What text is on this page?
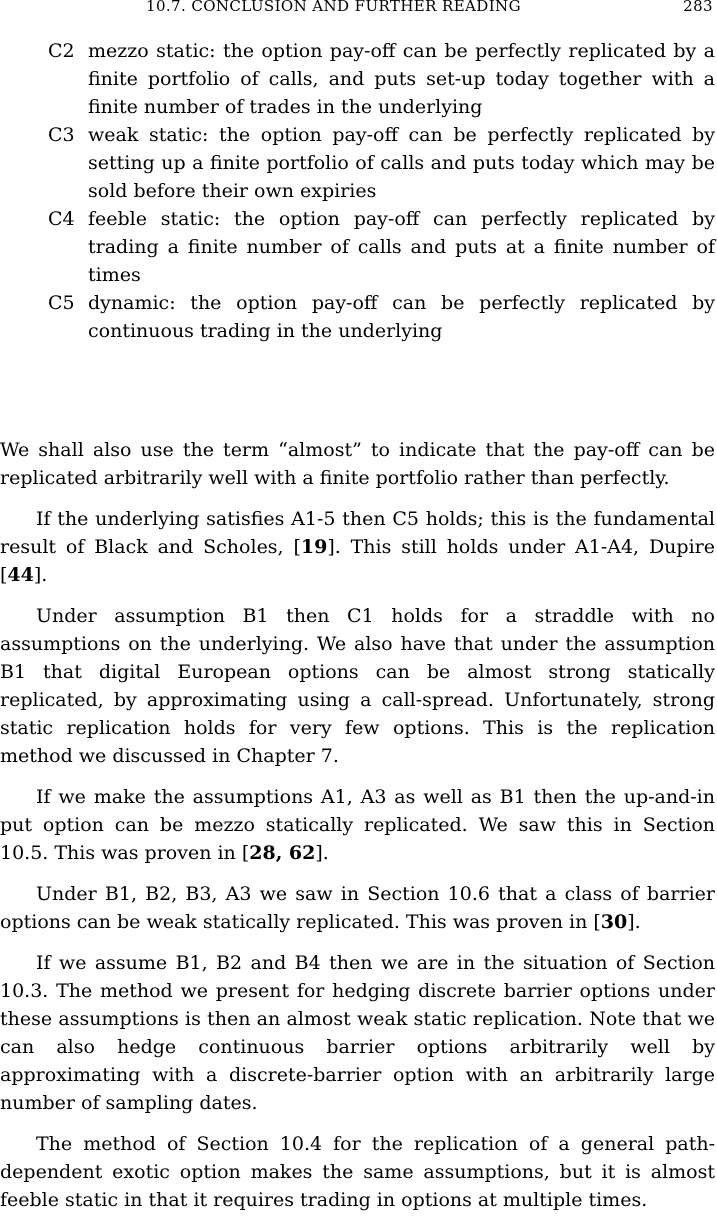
10.7. CONCLUSION AND FURTHER READING	283
C2 mezzo static: the option pay-off can be perfectly replicated by a finite portfolio of calls, and puts set-up today together with a finite number of trades in the underlying
C3 weak static: the option pay-off can be perfectly replicated by setting up a finite portfolio of calls and puts today which may be sold before their own expiries
C4 feeble static: the option pay-off can perfectly replicated by trading a finite number of calls and puts at a finite number of times
C5 dynamic: the option pay-off can be perfectly replicated by continuous trading in the underlying

We shall also use the term “almost” to indicate that the pay-off can be replicated arbitrarily well with a finite portfolio rather than perfectly.

If the underlying satisfies A1-5 then C5 holds; this is the fundamental result of Black and Scholes, [19]. This still holds under A1-A4, Dupire [44].

Under assumption B1 then C1 holds for a straddle with no assumptions on the underlying. We also have that under the assumption B1 that digital European options can be almost strong statically replicated, by approximating using a call-spread. Unfortunately, strong static replication holds for very few options. This is the replication method we discussed in Chapter 7.

If we make the assumptions A1, A3 as well as B1 then the up-and-in put option can be mezzo statically replicated. We saw this in Section 10.5. This was proven in [28, 62].

Under B1, B2, B3, A3 we saw in Section 10.6 that a class of barrier options can be weak statically replicated. This was proven in [30].

If we assume B1, B2 and B4 then we are in the situation of Section 10.3. The method we present for hedging discrete barrier options under these assumptions is then an almost weak static replication. Note that we can also hedge continuous barrier options arbitrarily well by approximating with a discrete-barrier option with an arbitrarily large number of sampling dates.

The method of Section 10.4 for the replication of a general path-dependent exotic option makes the same assumptions, but it is almost feeble static in that it requires trading in options at multiple times.
